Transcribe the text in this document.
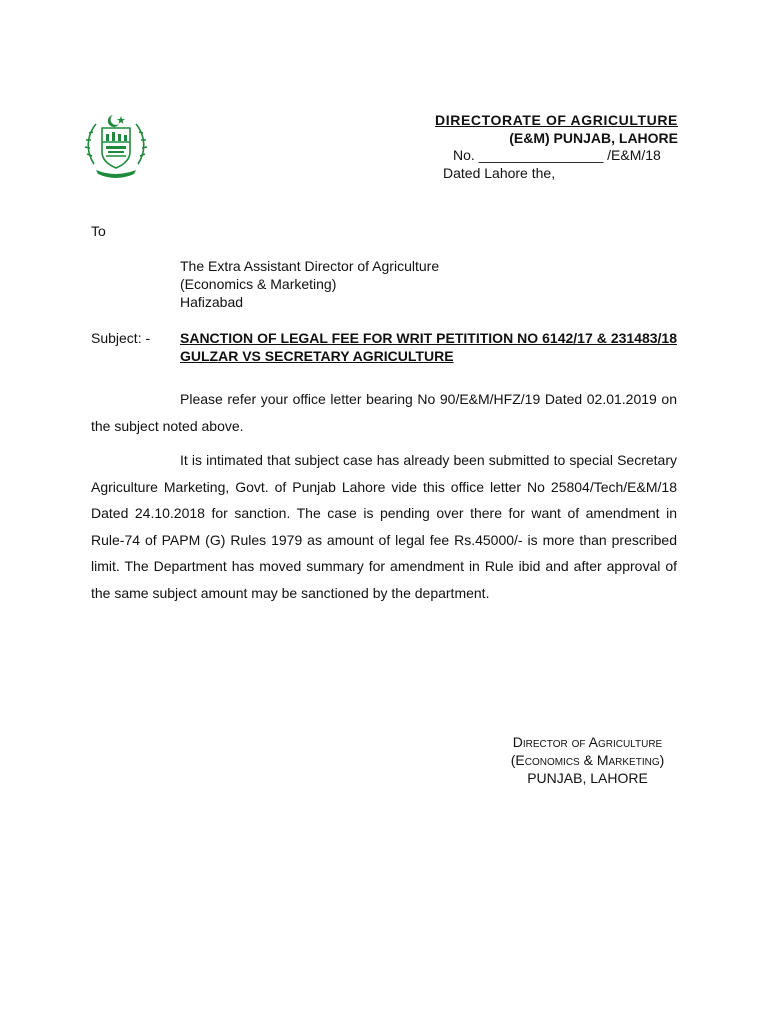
DIRECTORATE OF AGRICULTURE
(E&M) PUNJAB, LAHORE
No. ________________ /E&M/18
Dated Lahore the,
To
The Extra Assistant Director of Agriculture
(Economics & Marketing)
Hafizabad
Subject: - SANCTION OF LEGAL FEE FOR WRIT PETITITION NO 6142/17 & 231483/18 GULZAR VS SECRETARY AGRICULTURE
Please refer your office letter bearing No 90/E&M/HFZ/19 Dated 02.01.2019 on the subject noted above.
It is intimated that subject case has already been submitted to special Secretary Agriculture Marketing, Govt. of Punjab Lahore vide this office letter No 25804/Tech/E&M/18 Dated 24.10.2018 for sanction. The case is pending over there for want of amendment in Rule-74 of PAPM (G) Rules 1979 as amount of legal fee Rs.45000/- is more than prescribed limit. The Department has moved summary for amendment in Rule ibid and after approval of the same subject amount may be sanctioned by the department.
Director of Agriculture
(Economics & Marketing)
PUNJAB, LAHORE
